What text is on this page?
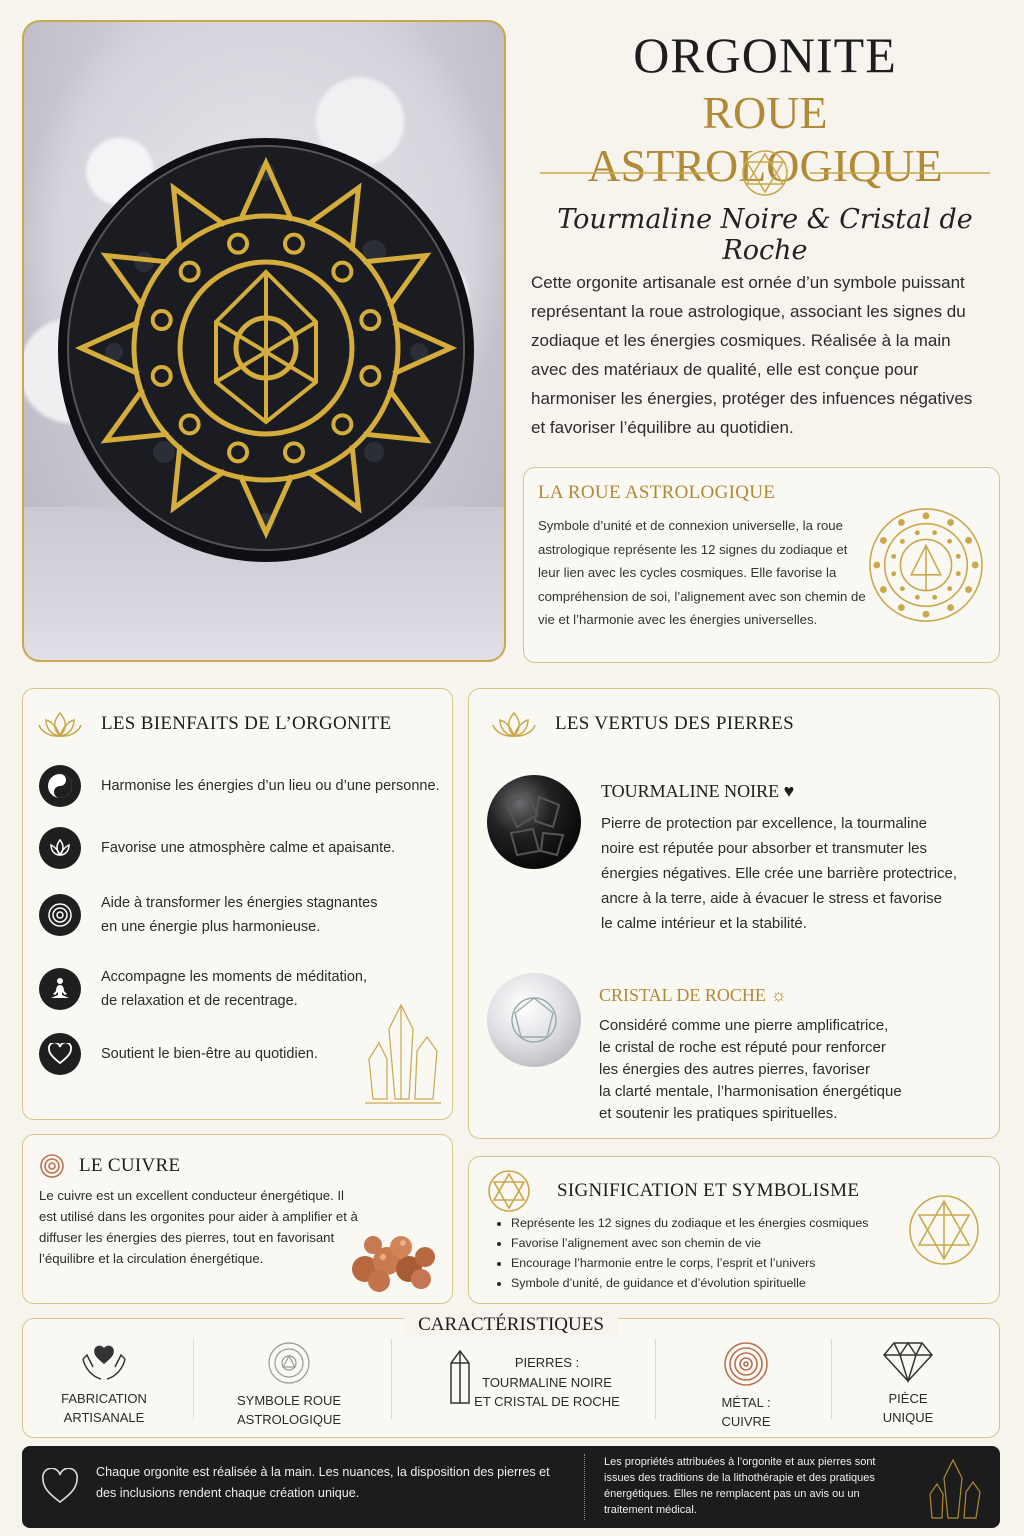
ORGONITE
ROUE ASTROLOGIQUE
Tourmaline Noire & Cristal de Roche
Cette orgonite artisanale est ornée d’un symbole puissant représentant la roue astrologique, associant les signes du zodiaque et les énergies cosmiques. Réalisée à la main avec des matériaux de qualité, elle est conçue pour harmoniser les énergies, protéger des infuences négatives et favoriser l’équilibre au quotidien.
LA ROUE ASTROLOGIQUE
Symbole d’unité et de connexion universelle, la roue astrologique représente les 12 signes du zodiaque et leur lien avec les cycles cosmiques. Elle favorise la compréhension de soi, l’alignement avec son chemin de vie et l’harmonie avec les énergies universelles.
LES BIENFAITS DE L’ORGONITE
Harmonise les énergies d’un lieu ou d’une personne.
Favorise une atmosphère calme et apaisante.
Aide à transformer les énergies stagnantes
en une énergie plus harmonieuse.
Accompagne les moments de méditation,
de relaxation et de recentrage.
Soutient le bien-être au quotidien.
LES VERTUS DES PIERRES
TOURMALINE NOIRE ♥
Pierre de protection par excellence, la tourmaline
noire est réputée pour absorber et transmuter les
énergies négatives. Elle crée une barrière protectrice,
ancre à la terre, aide à évacuer le stress et favorise
le calme intérieur et la stabilité.
CRISTAL DE ROCHE ☼
Considéré comme une pierre amplificatrice,
le cristal de roche est réputé pour renforcer
les énergies des autres pierres, favoriser
la clarté mentale, l’harmonisation énergétique
et soutenir les pratiques spirituelles.
LE CUIVRE
Le cuivre est un excellent conducteur énergétique. Il est utilisé dans les orgonites pour aider à amplifier et à diffuser les énergies des pierres, tout en favorisant l’équilibre et la circulation énergétique.
SIGNIFICATION ET SYMBOLISME
• Représente les 12 signes du zodiaque et les énergies cosmiques
• Favorise l’alignement avec son chemin de vie
• Encourage l’harmonie entre le corps, l’esprit et l’univers
• Symbole d’unité, de guidance et d’évolution spirituelle
FABRICATION
ARTISANALE
SYMBOLE ROUE
ASTROLOGIQUE
PIERRES :
TOURMALINE NOIRE
ET CRISTAL DE ROCHE	MÉTAL :
CUIVRE
PIÈCE
UNIQUE
CARACTÉRISTIQUES
Chaque orgonite est réalisée à la main. Les nuances, la disposition des pierres et des inclusions rendent chaque création unique.
Les propriétés attribuées à l’orgonite et aux pierres sont issues des traditions de la lithothérapie et des pratiques énergétiques. Elles ne remplacent pas un avis ou un traitement médical.
